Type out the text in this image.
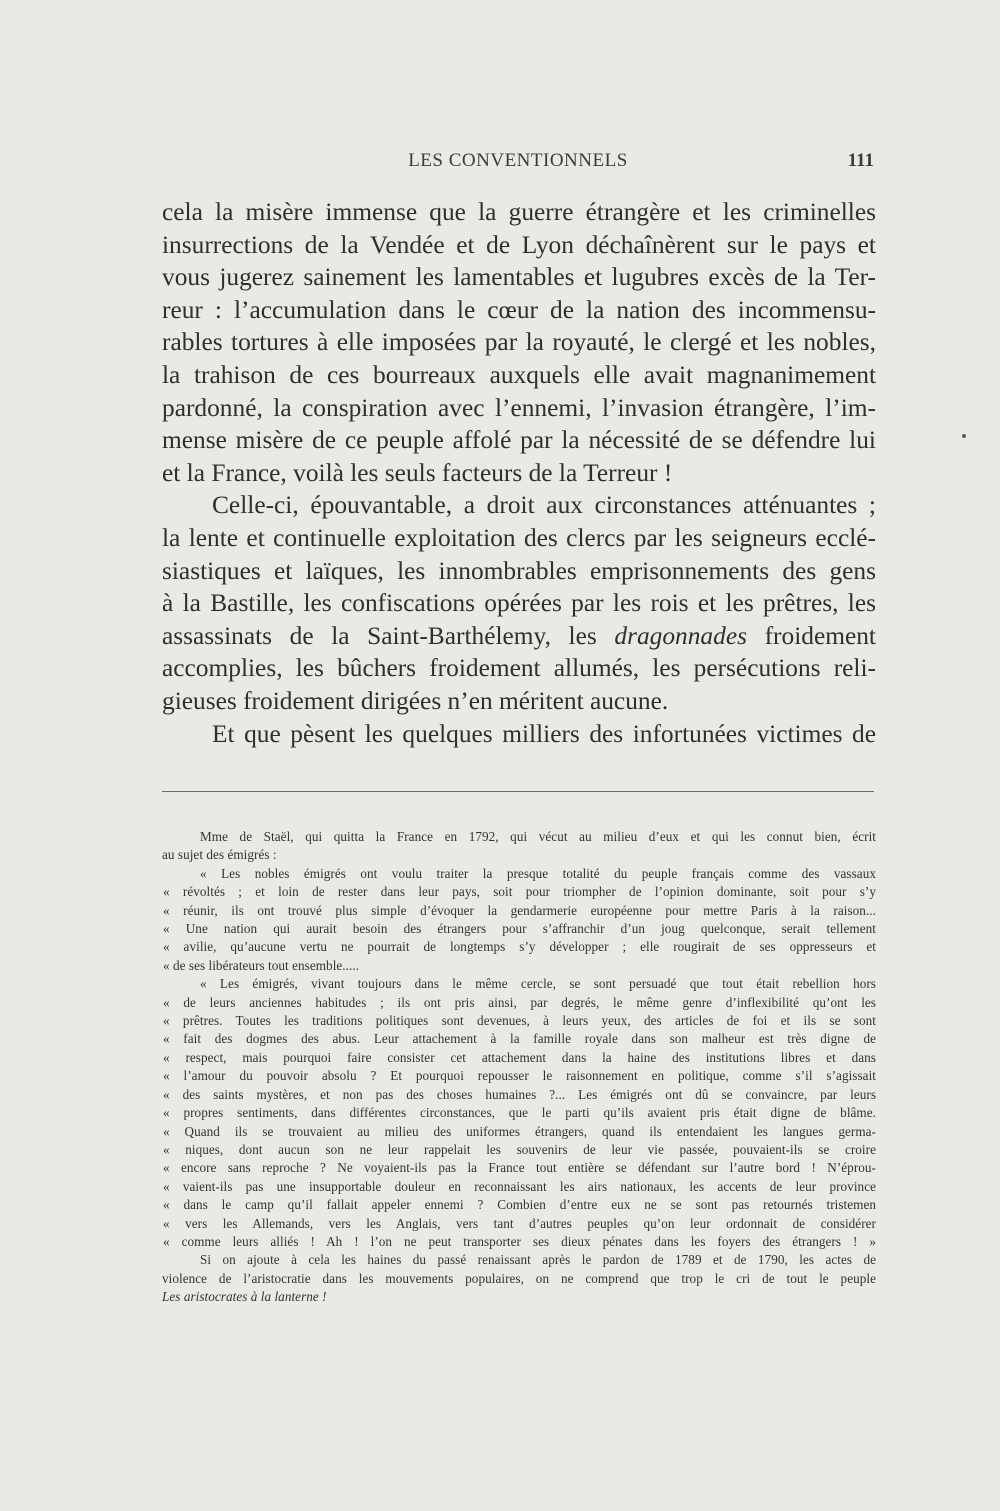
LES CONVENTIONNELS	111
cela la misère immense que la guerre étrangère et les criminelles
insurrections de la Vendée et de Lyon déchaînèrent sur le pays et
vous jugerez sainement les lamentables et lugubres excès de la Ter-
reur : l’accumulation dans le cœur de la nation des incommensu-
rables tortures à elle imposées par la royauté, le clergé et les nobles,
la trahison de ces bourreaux auxquels elle avait magnanimement
pardonné, la conspiration avec l’ennemi, l’invasion étrangère, l’im-
mense misère de ce peuple affolé par la nécessité de se défendre lui
et la France, voilà les seuls facteurs de la Terreur !
Celle-ci, épouvantable, a droit aux circonstances atténuantes ;
la lente et continuelle exploitation des clercs par les seigneurs ecclé-
siastiques et laïques, les innombrables emprisonnements des gens
à la Bastille, les confiscations opérées par les rois et les prêtres, les
assassinats de la Saint-Barthélemy, les dragonnades froidement
accomplies, les bûchers froidement allumés, les persécutions reli-
gieuses froidement dirigées n’en méritent aucune.
Et que pèsent les quelques milliers des infortunées victimes de
Mme de Staël, qui quitta la France en 1792, qui vécut au milieu d’eux et qui les connut bien, écrit
au sujet des émigrés :
« Les nobles émigrés ont voulu traiter la presque totalité du peuple français comme des vassaux
« révoltés ; et loin de rester dans leur pays, soit pour triompher de l’opinion dominante, soit pour s’y
« réunir, ils ont trouvé plus simple d’évoquer la gendarmerie européenne pour mettre Paris à la raison...
« Une nation qui aurait besoin des étrangers pour s’affranchir d’un joug quelconque, serait tellement
« avilie, qu’aucune vertu ne pourrait de longtemps s’y développer ; elle rougirait de ses oppresseurs et
« de ses libérateurs tout ensemble.....
« Les émigrés, vivant toujours dans le même cercle, se sont persuadé que tout était rebellion hors
« de leurs anciennes habitudes ; ils ont pris ainsi, par degrés, le même genre d’inflexibilité qu’ont les
« prêtres. Toutes les traditions politiques sont devenues, à leurs yeux, des articles de foi et ils se sont
« fait des dogmes des abus. Leur attachement à la famille royale dans son malheur est très digne de
« respect, mais pourquoi faire consister cet attachement dans la haine des institutions libres et dans
« l’amour du pouvoir absolu ? Et pourquoi repousser le raisonnement en politique, comme s’il s’agissait
« des saints mystères, et non pas des choses humaines ?... Les émigrés ont dû se convaincre, par leurs
« propres sentiments, dans différentes circonstances, que le parti qu’ils avaient pris était digne de blâme.
« Quand ils se trouvaient au milieu des uniformes étrangers, quand ils entendaient les langues germa-
« niques, dont aucun son ne leur rappelait les souvenirs de leur vie passée, pouvaient-ils se croire
« encore sans reproche ? Ne voyaient-ils pas la France tout entière se défendant sur l’autre bord ! N’éprou-
« vaient-ils pas une insupportable douleur en reconnaissant les airs nationaux, les accents de leur province
« dans le camp qu’il fallait appeler ennemi ? Combien d’entre eux ne se sont pas retournés tristemen
« vers les Allemands, vers les Anglais, vers tant d’autres peuples qu’on leur ordonnait de considérer
« comme leurs alliés ! Ah ! l’on ne peut transporter ses dieux pénates dans les foyers des étrangers ! »
Si on ajoute à cela les haines du passé renaissant après le pardon de 1789 et de 1790, les actes de
violence de l’aristocratie dans les mouvements populaires, on ne comprend que trop le cri de tout le peuple
Les aristocrates à la lanterne !
